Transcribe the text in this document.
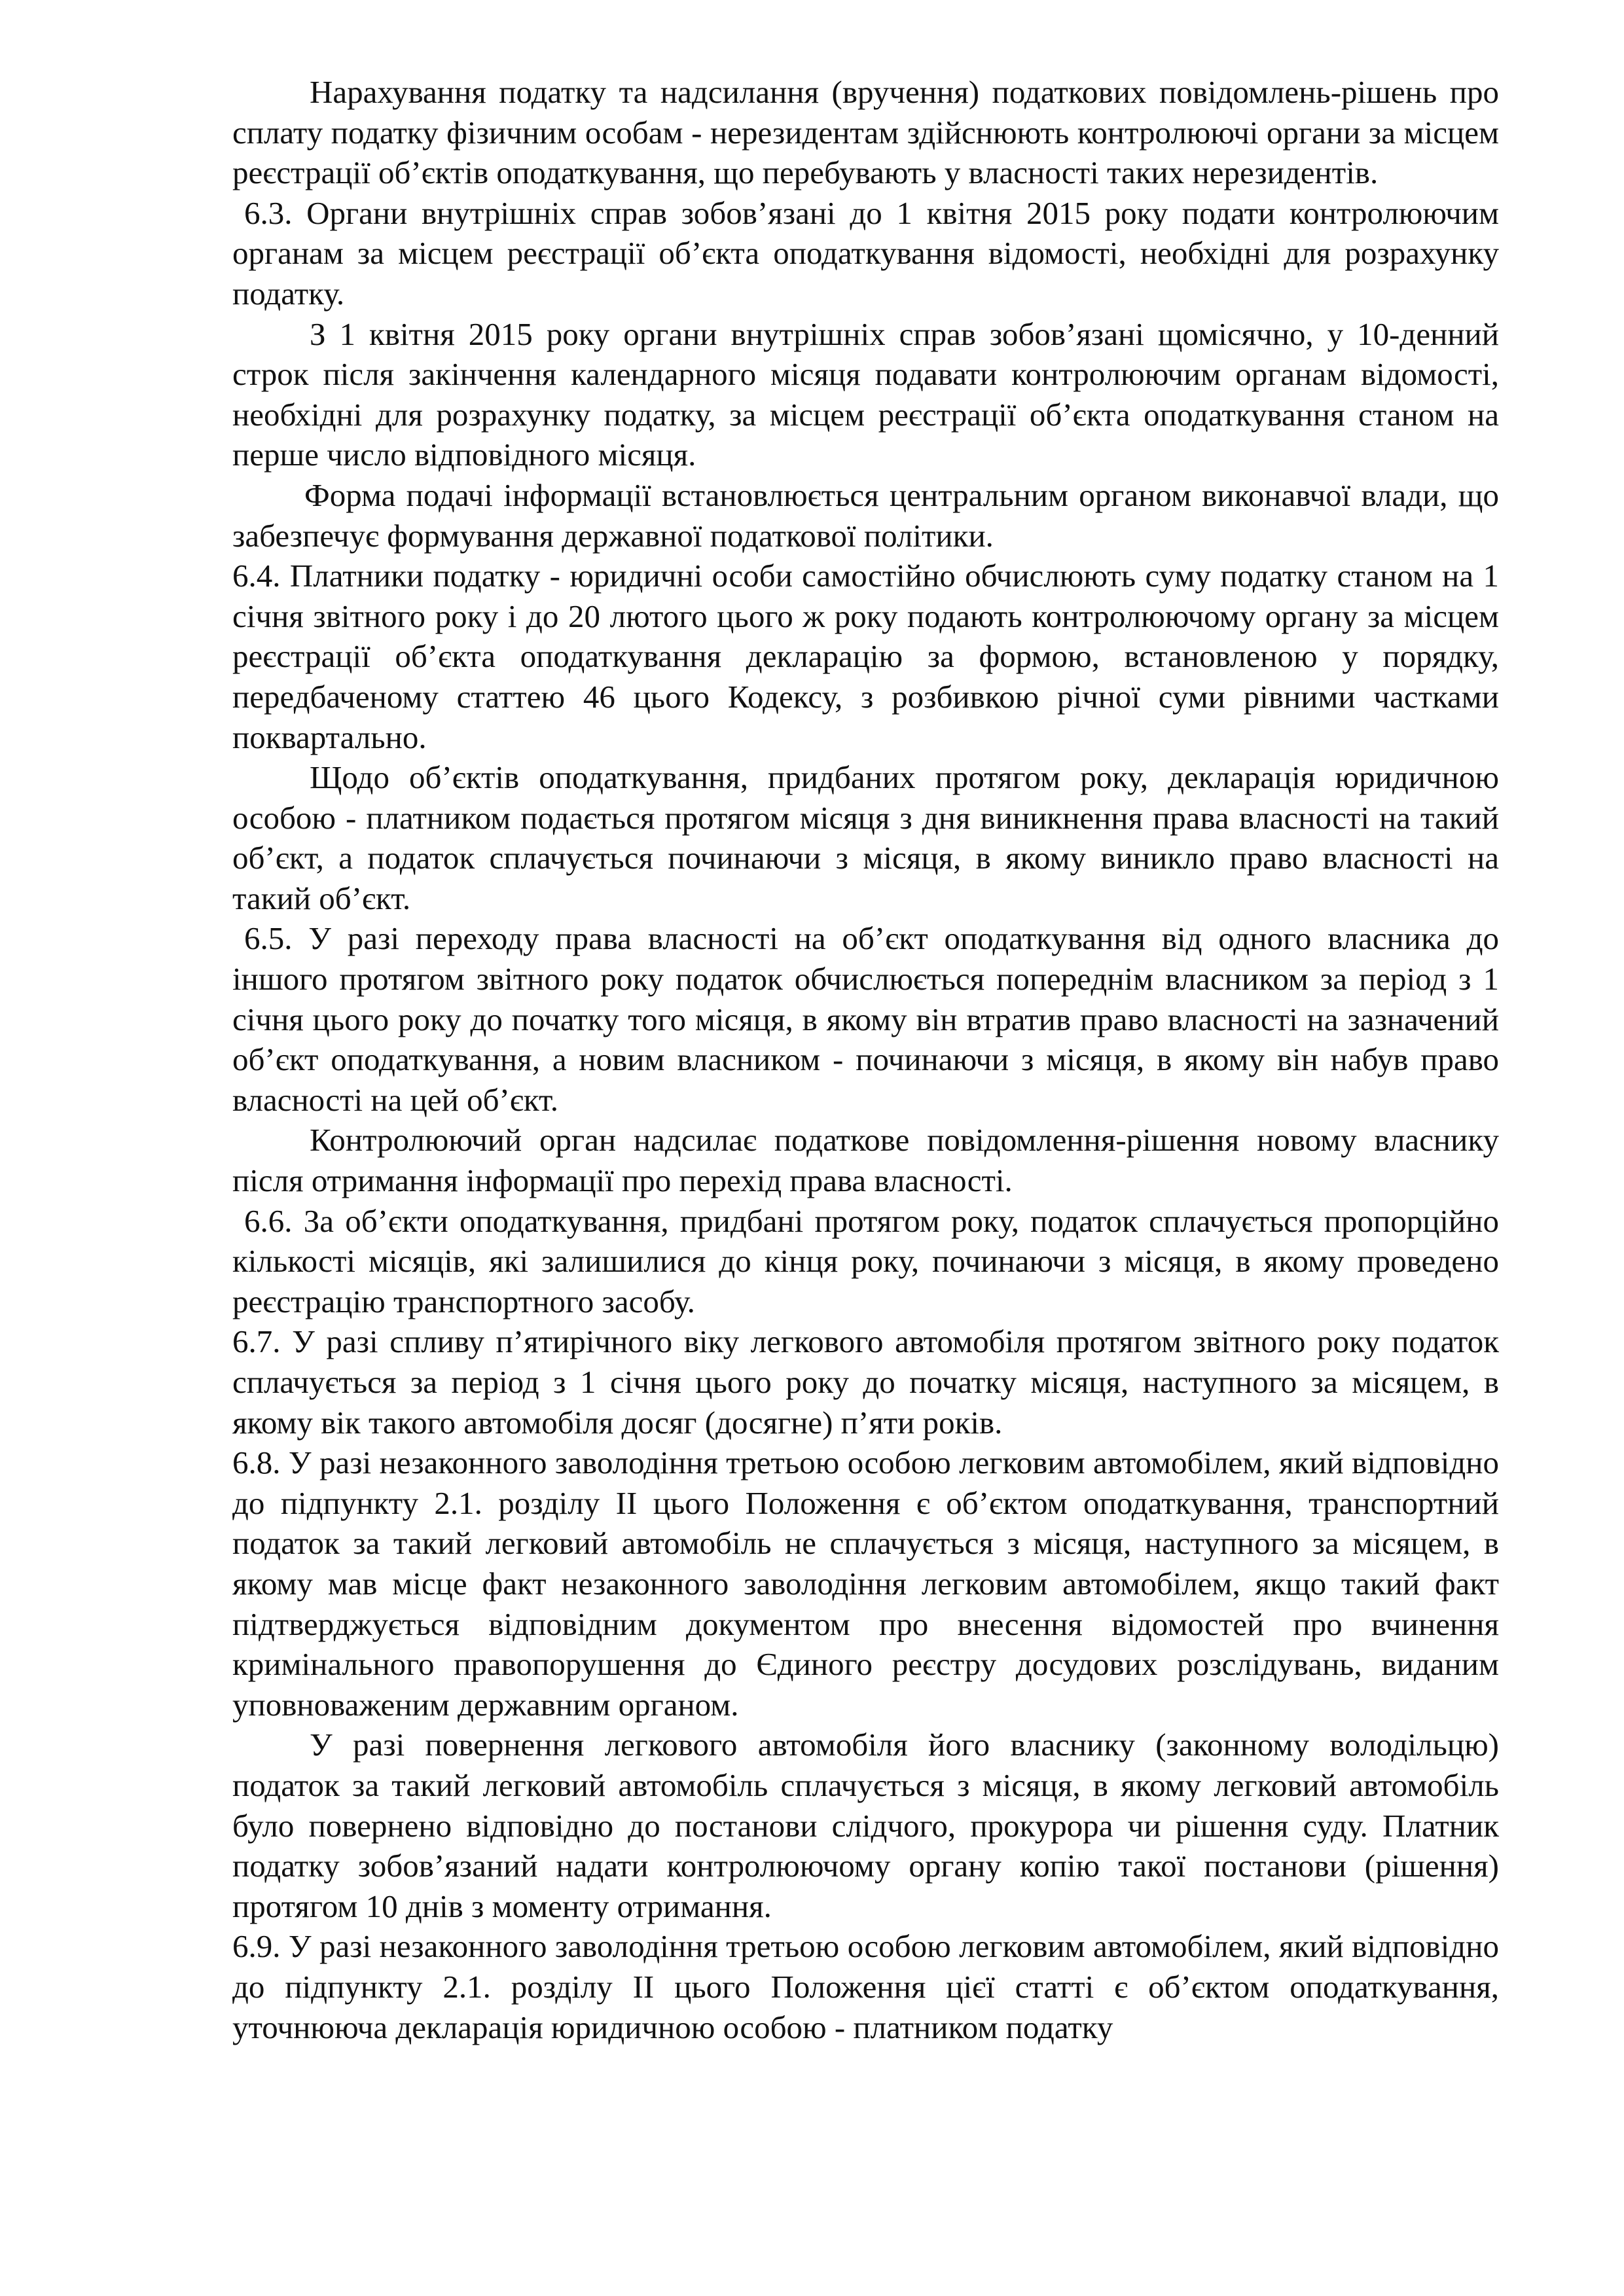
Нарахування податку та надсилання (вручення) податкових повідомлень-рішень про сплату податку фізичним особам - нерезидентам здійснюють контролюючі органи за місцем реєстрації об’єктів оподаткування, що перебувають у власності таких нерезидентів.

6.3. Органи внутрішніх справ зобов’язані до 1 квітня 2015 року подати контролюючим органам за місцем реєстрації об’єкта оподаткування відомості, необхідні для розрахунку податку.

З 1 квітня 2015 року органи внутрішніх справ зобов’язані щомісячно, у 10-денний строк після закінчення календарного місяця подавати контролюючим органам відомості, необхідні для розрахунку податку, за місцем реєстрації об’єкта оподаткування станом на перше число відповідного місяця.

Форма подачі інформації встановлюється центральним органом виконавчої влади, що забезпечує формування державної податкової політики.

6.4. Платники податку - юридичні особи самостійно обчислюють суму податку станом на 1 січня звітного року і до 20 лютого цього ж року подають контролюючому органу за місцем реєстрації об’єкта оподаткування декларацію за формою, встановленою у порядку, передбаченому статтею 46 цього Кодексу, з розбивкою річної суми рівними частками поквартально.

Щодо об’єктів оподаткування, придбаних протягом року, декларація юридичною особою - платником подається протягом місяця з дня виникнення права власності на такий об’єкт, а податок сплачується починаючи з місяця, в якому виникло право власності на такий об’єкт.

6.5. У разі переходу права власності на об’єкт оподаткування від одного власника до іншого протягом звітного року податок обчислюється попереднім власником за період з 1 січня цього року до початку того місяця, в якому він втратив право власності на зазначений об’єкт оподаткування, а новим власником - починаючи з місяця, в якому він набув право власності на цей об’єкт.

Контролюючий орган надсилає податкове повідомлення-рішення новому власнику після отримання інформації про перехід права власності.

6.6. За об’єкти оподаткування, придбані протягом року, податок сплачується пропорційно кількості місяців, які залишилися до кінця року, починаючи з місяця, в якому проведено реєстрацію транспортного засобу.

6.7. У разі спливу п’ятирічного віку легкового автомобіля протягом звітного року податок сплачується за період з 1 січня цього року до початку місяця, наступного за місяцем, в якому вік такого автомобіля досяг (досягне) п’яти років.

6.8. У разі незаконного заволодіння третьою особою легковим автомобілем, який відповідно до підпункту 2.1. розділу ІІ цього Положення є об’єктом оподаткування, транспортний податок за такий легковий автомобіль не сплачується з місяця, наступного за місяцем, в якому мав місце факт незаконного заволодіння легковим автомобілем, якщо такий факт підтверджується відповідним документом про внесення відомостей про вчинення кримінального правопорушення до Єдиного реєстру досудових розслідувань, виданим уповноваженим державним органом.

У разі повернення легкового автомобіля його власнику (законному володільцю) податок за такий легковий автомобіль сплачується з місяця, в якому легковий автомобіль було повернено відповідно до постанови слідчого, прокурора чи рішення суду. Платник податку зобов’язаний надати контролюючому органу копію такої постанови (рішення) протягом 10 днів з моменту отримання.

6.9. У разі незаконного заволодіння третьою особою легковим автомобілем, який відповідно до підпункту 2.1. розділу ІІ цього Положення цієї статті є об’єктом оподаткування, уточнююча декларація юридичною особою - платником податку
